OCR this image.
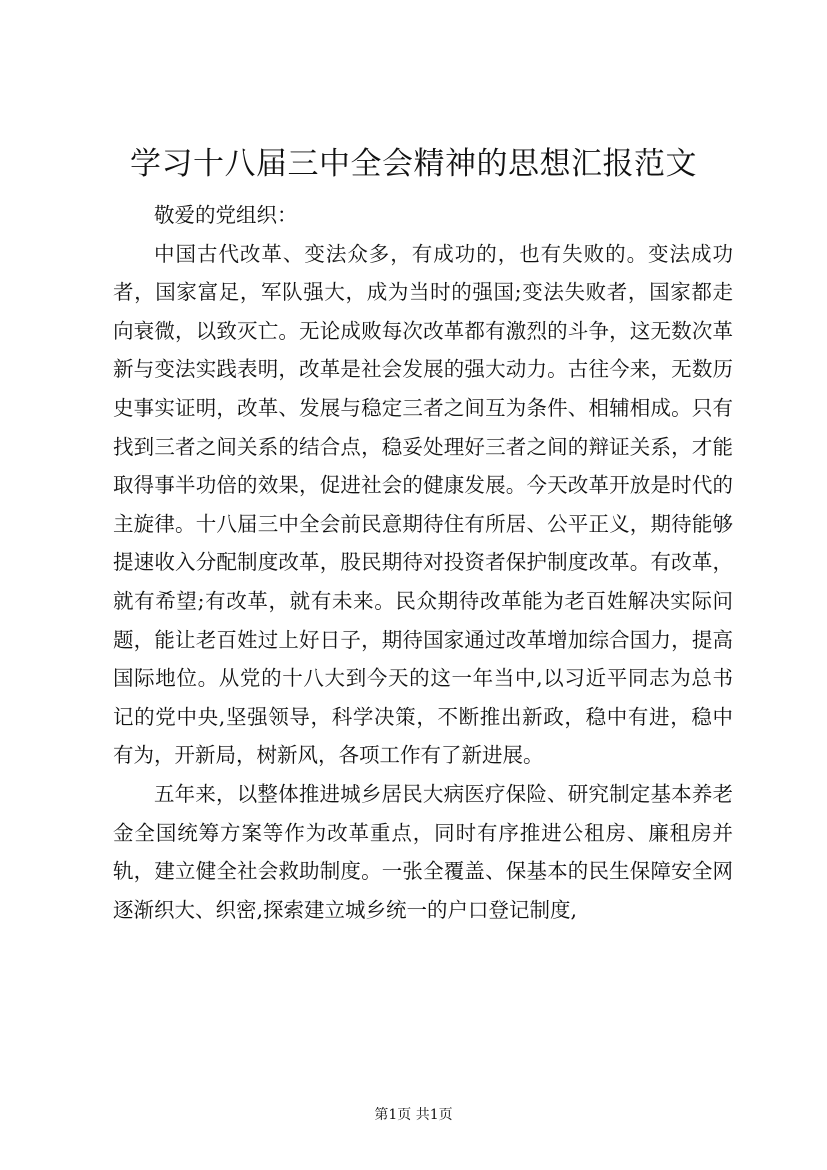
学习十八届三中全会精神的思想汇报范文

敬爱的党组织：

中国古代改革、变法众多，有成功的，也有失败的。变法成功者，国家富足，军队强大，成为当时的强国;变法失败者，国家都走向衰微，以致灭亡。无论成败每次改革都有激烈的斗争，这无数次革新与变法实践表明，改革是社会发展的强大动力。古往今来，无数历史事实证明，改革、发展与稳定三者之间互为条件、相辅相成。只有找到三者之间关系的结合点，稳妥处理好三者之间的辩证关系，才能取得事半功倍的效果，促进社会的健康发展。今天改革开放是时代的主旋律。十八届三中全会前民意期待住有所居、公平正义，期待能够提速收入分配制度改革，股民期待对投资者保护制度改革。有改革，就有希望;有改革，就有未来。民众期待改革能为老百姓解决实际问题，能让老百姓过上好日子，期待国家通过改革增加综合国力，提高国际地位。从党的十八大到今天的这一年当中,以习近平同志为总书记的党中央,坚强领导，科学决策，不断推出新政，稳中有进，稳中有为，开新局，树新风，各项工作有了新进展。

五年来，以整体推进城乡居民大病医疗保险、研究制定基本养老金全国统筹方案等作为改革重点，同时有序推进公租房、廉租房并轨，建立健全社会救助制度。一张全覆盖、保基本的民生保障安全网逐渐织大、织密,探索建立城乡统一的户口登记制度,

第1页 共1页
